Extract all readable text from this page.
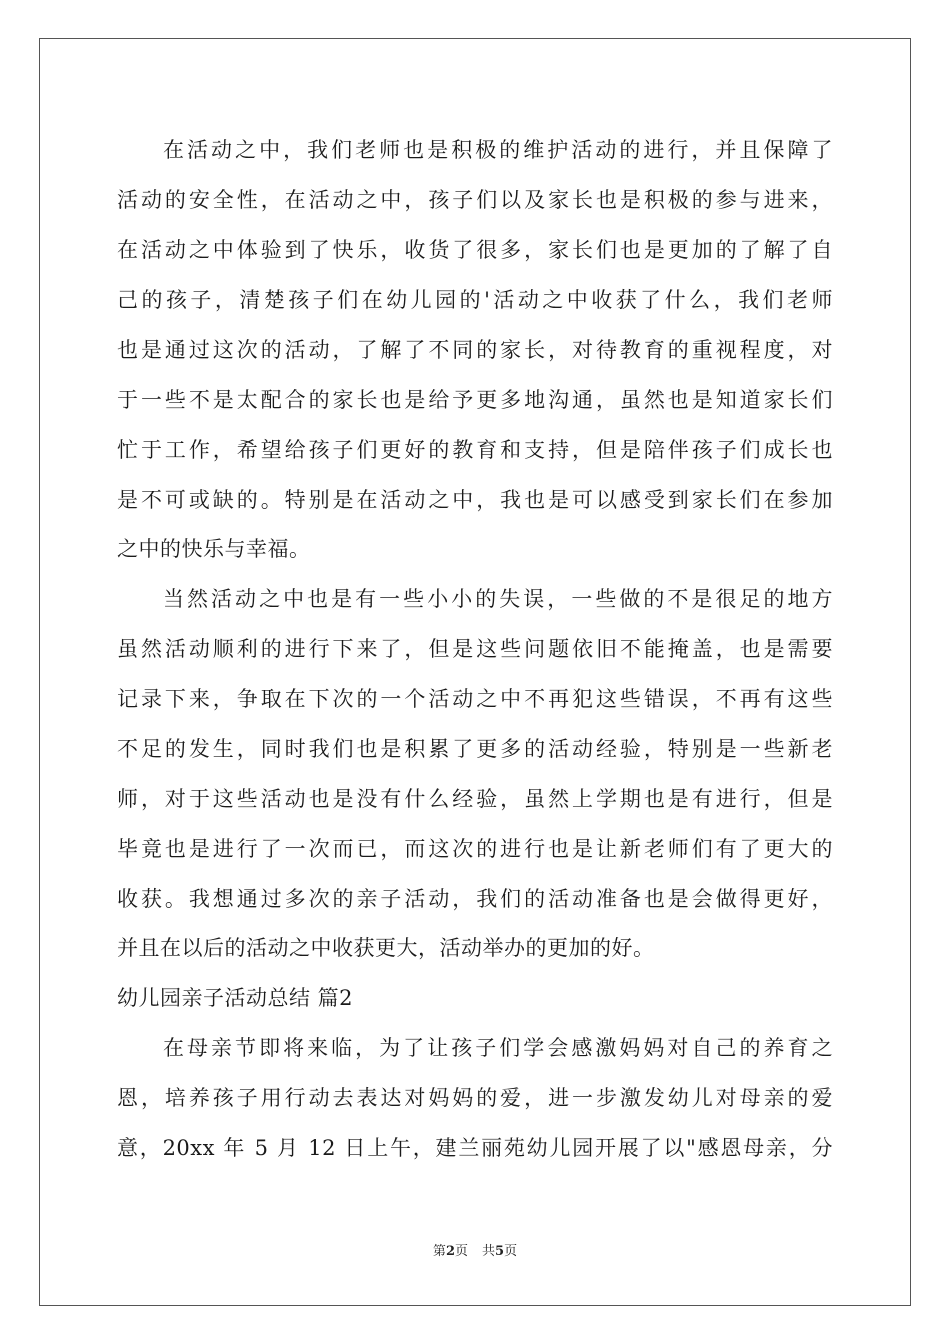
在活动之中，我们老师也是积极的维护活动的进行，并且保障了
活动的安全性，在活动之中，孩子们以及家长也是积极的参与进来，
在活动之中体验到了快乐，收货了很多，家长们也是更加的了解了自
己的孩子，清楚孩子们在幼儿园的'活动之中收获了什么，我们老师
也是通过这次的活动，了解了不同的家长，对待教育的重视程度，对
于一些不是太配合的家长也是给予更多地沟通，虽然也是知道家长们
忙于工作，希望给孩子们更好的教育和支持，但是陪伴孩子们成长也
是不可或缺的。特别是在活动之中，我也是可以感受到家长们在参加
之中的快乐与幸福。
当然活动之中也是有一些小小的失误，一些做的不是很足的地方
虽然活动顺利的进行下来了，但是这些问题依旧不能掩盖，也是需要
记录下来，争取在下次的一个活动之中不再犯这些错误，不再有这些
不足的发生，同时我们也是积累了更多的活动经验，特别是一些新老
师，对于这些活动也是没有什么经验，虽然上学期也是有进行，但是
毕竟也是进行了一次而已，而这次的进行也是让新老师们有了更大的
收获。我想通过多次的亲子活动，我们的活动准备也是会做得更好，
并且在以后的活动之中收获更大，活动举办的更加的好。
幼儿园亲子活动总结 篇2
在母亲节即将来临，为了让孩子们学会感激妈妈对自己的养育之
恩，培养孩子用行动去表达对妈妈的爱，进一步激发幼儿对母亲的爱
意，20xx 年 5 月 12 日上午，建兰丽苑幼儿园开展了以"感恩母亲，分
第2页 共5页
